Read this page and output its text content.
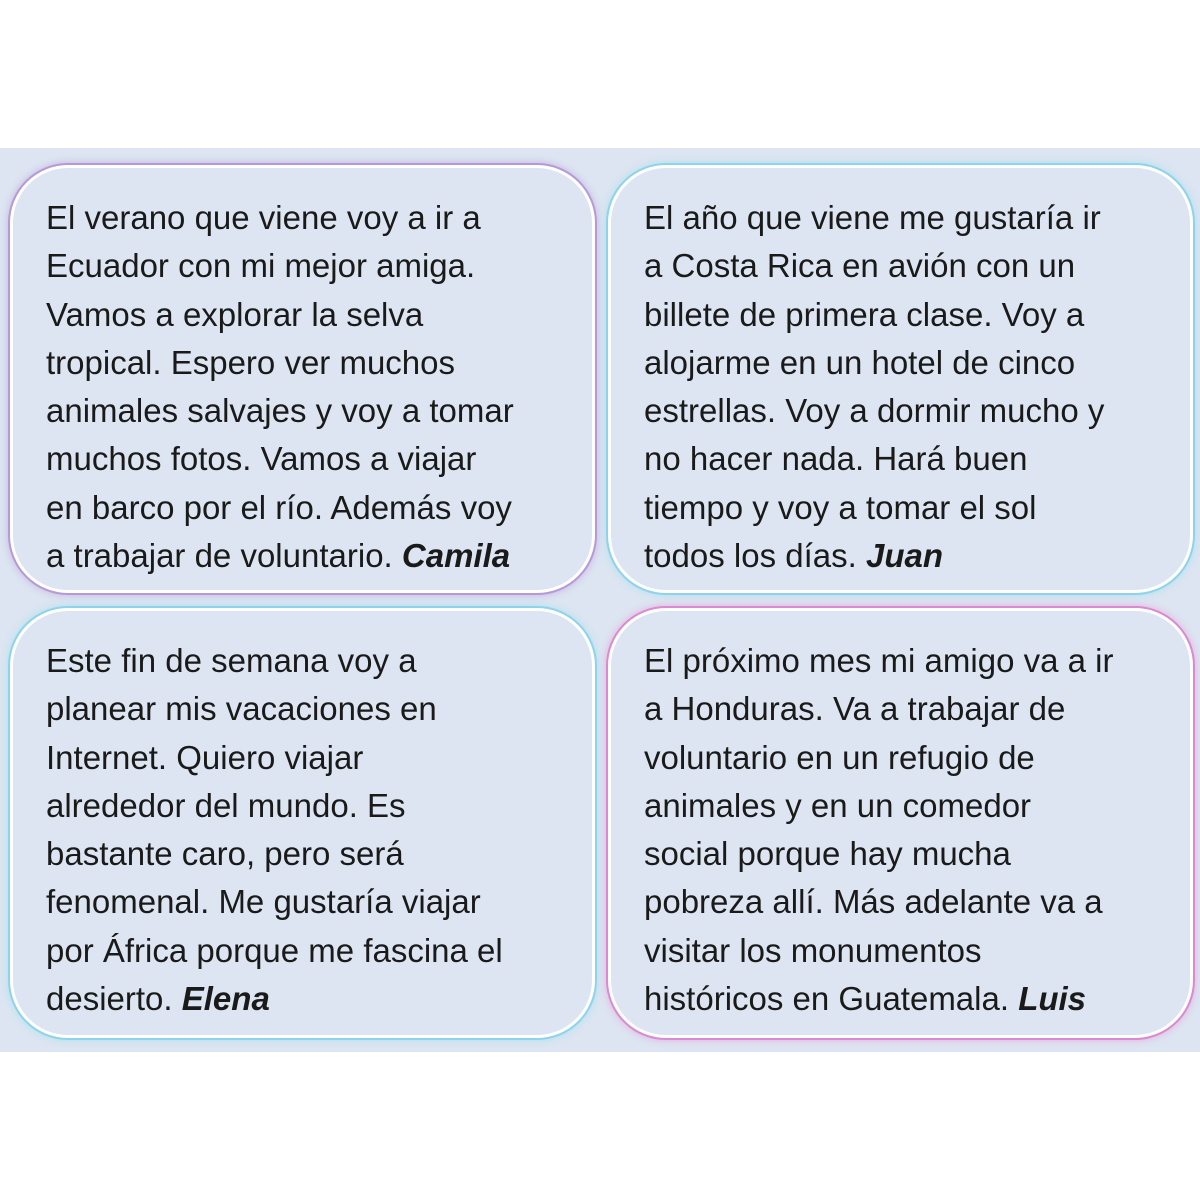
El verano que viene voy a ir a
Ecuador con mi mejor amiga.
Vamos a explorar la selva
tropical. Espero ver muchos
animales salvajes y voy a tomar
muchos fotos. Vamos a viajar
en barco por el río. Además voy
a trabajar de voluntario. Camila
El año que viene me gustaría ir
a Costa Rica en avión con un
billete de primera clase. Voy a
alojarme en un hotel de cinco
estrellas. Voy a dormir mucho y
no hacer nada. Hará buen
tiempo y voy a tomar el sol
todos los días. Juan
Este fin de semana voy a
planear mis vacaciones en
Internet. Quiero viajar
alrededor del mundo. Es
bastante caro, pero será
fenomenal. Me gustaría viajar
por África porque me fascina el
desierto. Elena
El próximo mes mi amigo va a ir
a Honduras. Va a trabajar de
voluntario en un refugio de
animales y en un comedor
social porque hay mucha
pobreza allí. Más adelante va a
visitar los monumentos
históricos en Guatemala. Luis
